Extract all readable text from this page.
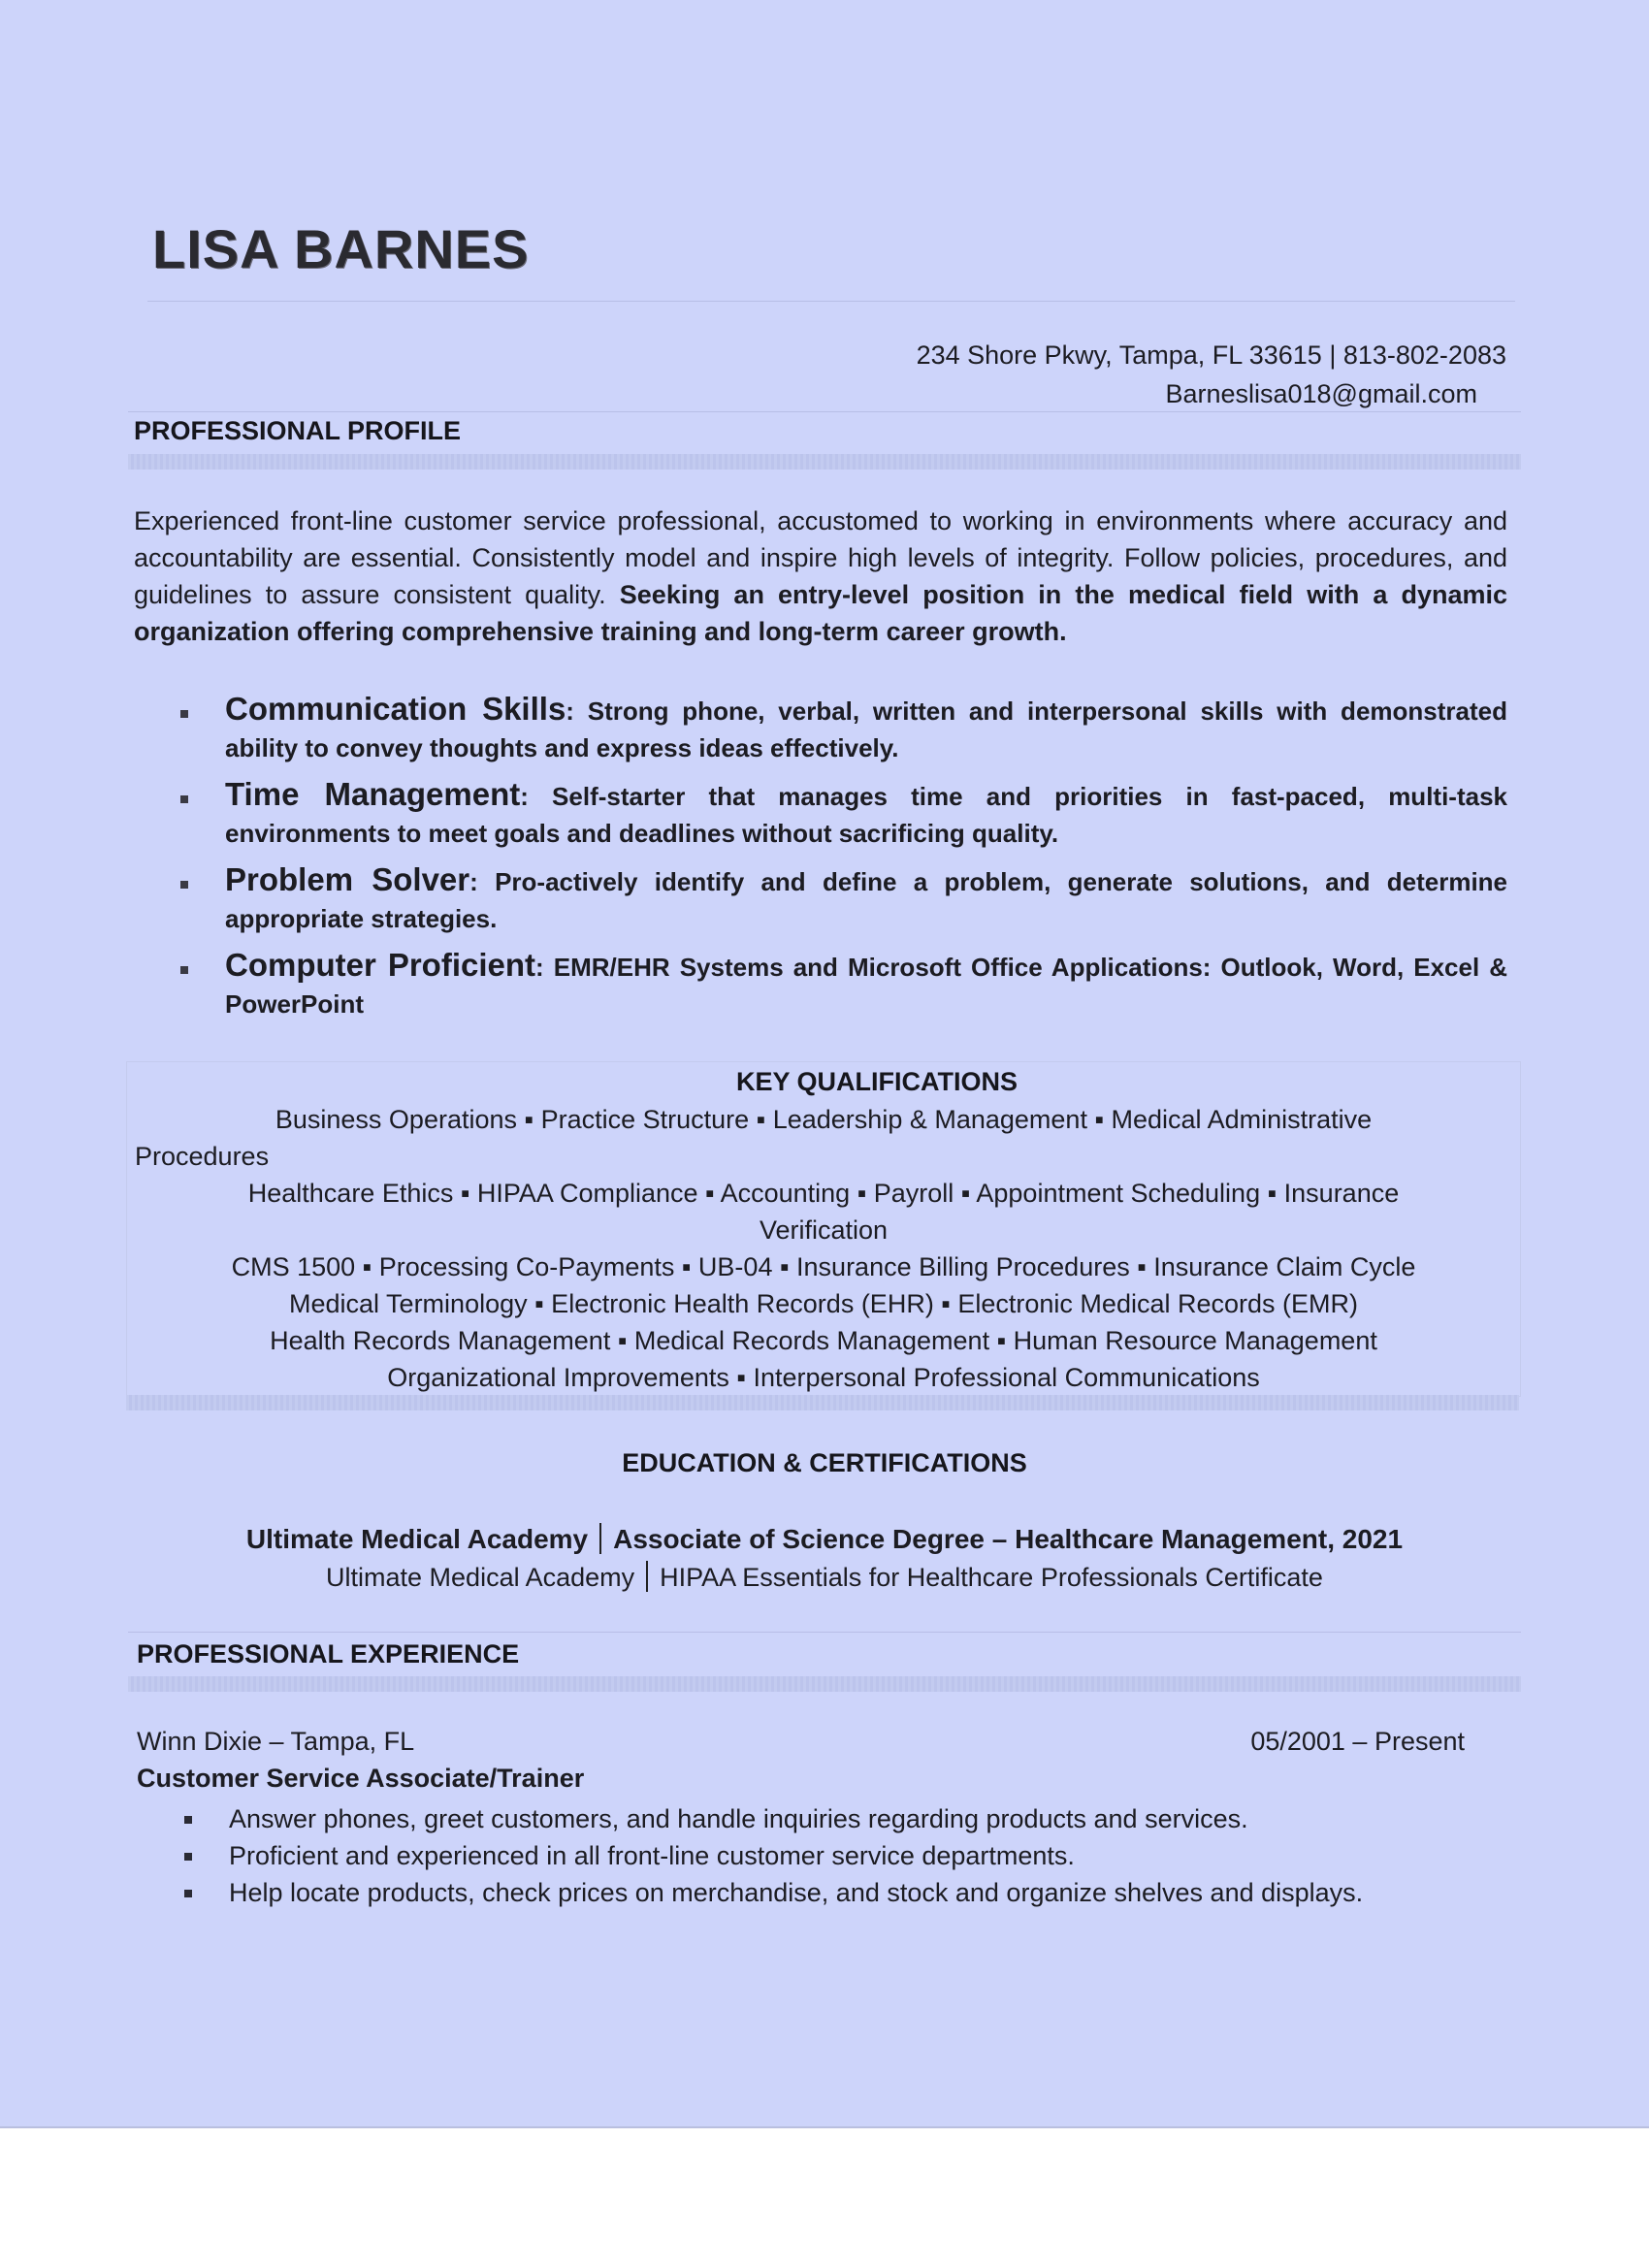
LISA BARNES
234 Shore Pkwy, Tampa, FL 33615 | 813-802-2083
Barneslisa018@gmail.com
PROFESSIONAL PROFILE
Experienced front-line customer service professional, accustomed to working in environments where accuracy and accountability are essential. Consistently model and inspire high levels of integrity. Follow policies, procedures, and guidelines to assure consistent quality. Seeking an entry-level position in the medical field with a dynamic organization offering comprehensive training and long-term career growth.
Communication Skills: Strong phone, verbal, written and interpersonal skills with demonstrated ability to convey thoughts and express ideas effectively.
Time Management: Self-starter that manages time and priorities in fast-paced, multi-task environments to meet goals and deadlines without sacrificing quality.
Problem Solver: Pro-actively identify and define a problem, generate solutions, and determine appropriate strategies.
Computer Proficient: EMR/EHR Systems and Microsoft Office Applications: Outlook, Word, Excel & PowerPoint
KEY QUALIFICATIONS
Business Operations ▪ Practice Structure ▪ Leadership & Management ▪ Medical Administrative
Procedures
Healthcare Ethics ▪ HIPAA Compliance ▪ Accounting ▪ Payroll ▪ Appointment Scheduling ▪ Insurance
Verification
CMS 1500 ▪ Processing Co-Payments ▪ UB-04 ▪ Insurance Billing Procedures ▪ Insurance Claim Cycle
Medical Terminology ▪ Electronic Health Records (EHR) ▪ Electronic Medical Records (EMR)
Health Records Management ▪ Medical Records Management ▪ Human Resource Management
Organizational Improvements ▪ Interpersonal Professional Communications
EDUCATION & CERTIFICATIONS
Ultimate Medical Academy Associate of Science Degree – Healthcare Management, 2021
Ultimate Medical Academy HIPAA Essentials for Healthcare Professionals Certificate
PROFESSIONAL EXPERIENCE
Winn Dixie – Tampa, FL	05/2001 – Present
Customer Service Associate/Trainer
Answer phones, greet customers, and handle inquiries regarding products and services.
Proficient and experienced in all front-line customer service departments.
Help locate products, check prices on merchandise, and stock and organize shelves and displays.
